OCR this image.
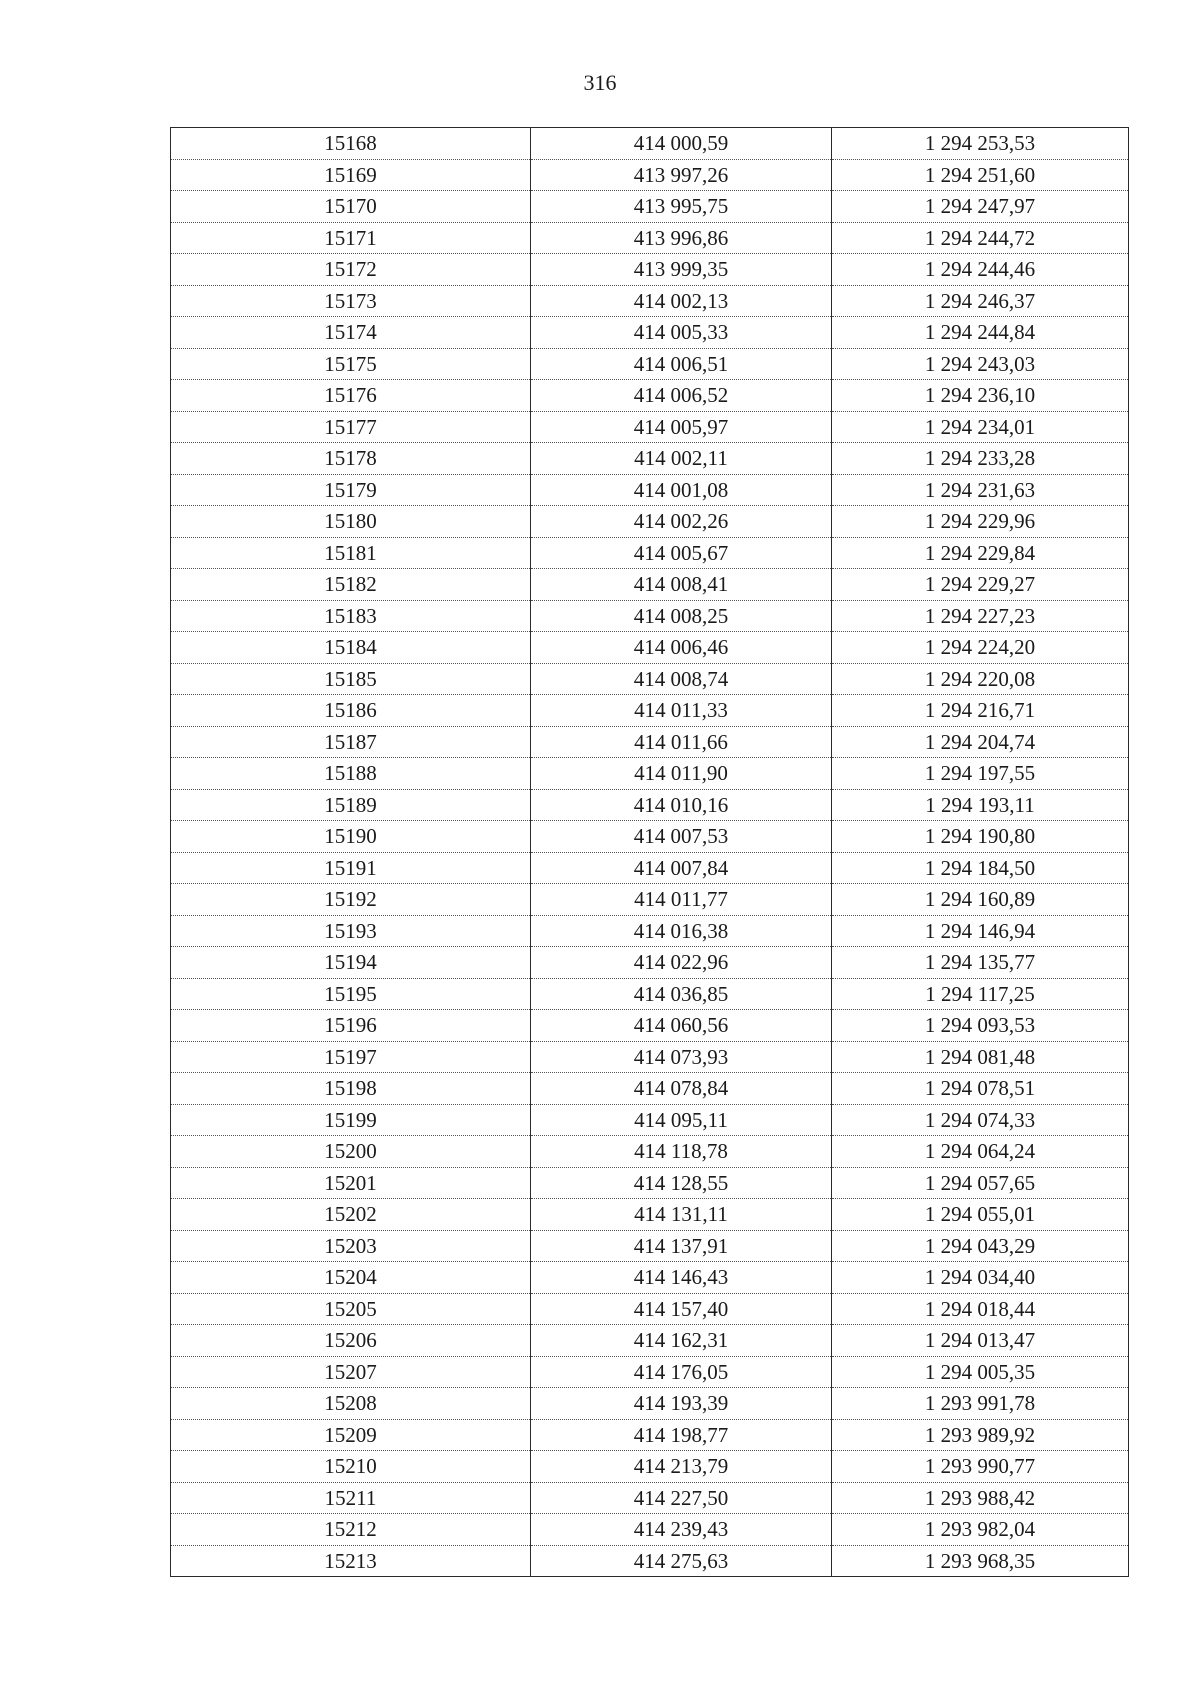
316
15168	414 000,59	1 294 253,53
15169	413 997,26	1 294 251,60
15170	413 995,75	1 294 247,97
15171	413 996,86	1 294 244,72
15172	413 999,35	1 294 244,46
15173	414 002,13	1 294 246,37
15174	414 005,33	1 294 244,84
15175	414 006,51	1 294 243,03
15176	414 006,52	1 294 236,10
15177	414 005,97	1 294 234,01
15178	414 002,11	1 294 233,28
15179	414 001,08	1 294 231,63
15180	414 002,26	1 294 229,96
15181	414 005,67	1 294 229,84
15182	414 008,41	1 294 229,27
15183	414 008,25	1 294 227,23
15184	414 006,46	1 294 224,20
15185	414 008,74	1 294 220,08
15186	414 011,33	1 294 216,71
15187	414 011,66	1 294 204,74
15188	414 011,90	1 294 197,55
15189	414 010,16	1 294 193,11
15190	414 007,53	1 294 190,80
15191	414 007,84	1 294 184,50
15192	414 011,77	1 294 160,89
15193	414 016,38	1 294 146,94
15194	414 022,96	1 294 135,77
15195	414 036,85	1 294 117,25
15196	414 060,56	1 294 093,53
15197	414 073,93	1 294 081,48
15198	414 078,84	1 294 078,51
15199	414 095,11	1 294 074,33
15200	414 118,78	1 294 064,24
15201	414 128,55	1 294 057,65
15202	414 131,11	1 294 055,01
15203	414 137,91	1 294 043,29
15204	414 146,43	1 294 034,40
15205	414 157,40	1 294 018,44
15206	414 162,31	1 294 013,47
15207	414 176,05	1 294 005,35
15208	414 193,39	1 293 991,78
15209	414 198,77	1 293 989,92
15210	414 213,79	1 293 990,77
15211	414 227,50	1 293 988,42
15212	414 239,43	1 293 982,04
15213	414 275,63	1 293 968,35
